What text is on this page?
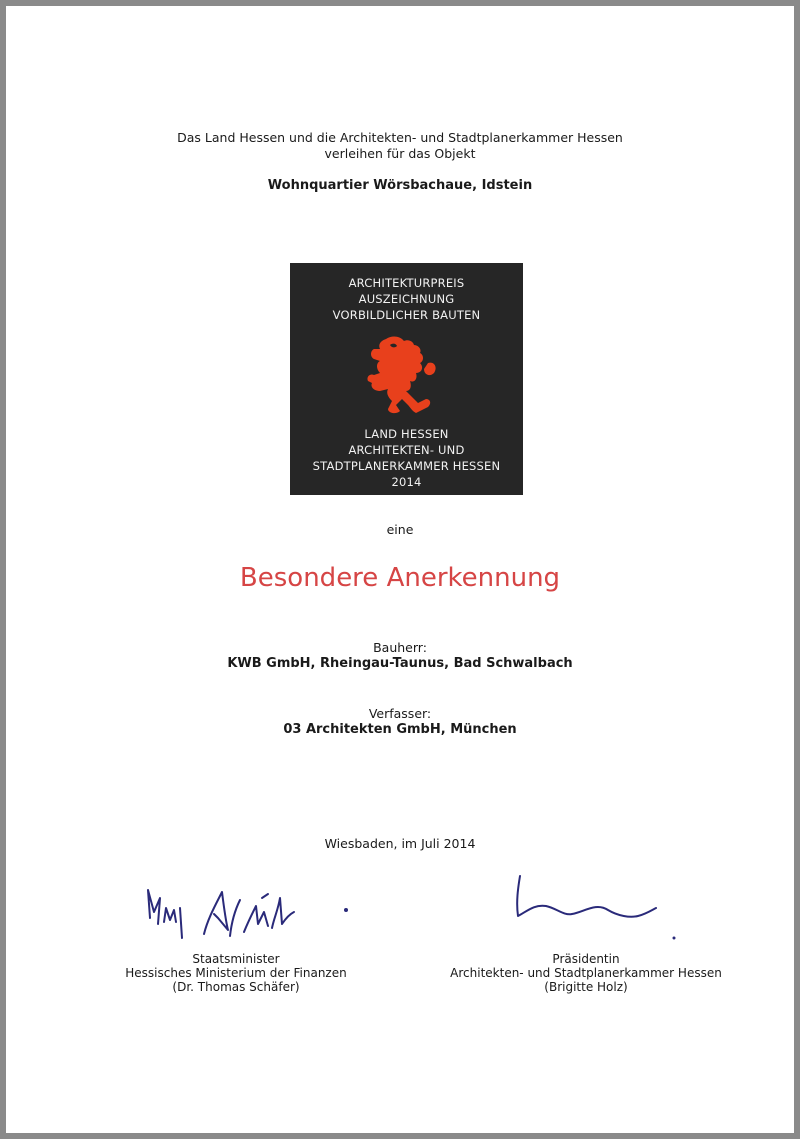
Das Land Hessen und die Architekten- und Stadtplanerkammer Hessen
verleihen für das Objekt
Wohnquartier Wörsbachaue, Idstein
ARCHITEKTURPREIS
AUSZEICHNUNG
VORBILDLICHER BAUTEN
LAND HESSEN
ARCHITEKTEN- UND
STADTPLANERKAMMER HESSEN
2014
eine
Besondere Anerkennung
Bauherr:
KWB GmbH, Rheingau-Taunus, Bad Schwalbach
Verfasser:
03 Architekten GmbH, München
Wiesbaden, im Juli 2014
Staatsminister
Hessisches Ministerium der Finanzen
(Dr. Thomas Schäfer)
Präsidentin
Architekten- und Stadtplanerkammer Hessen
(Brigitte Holz)
